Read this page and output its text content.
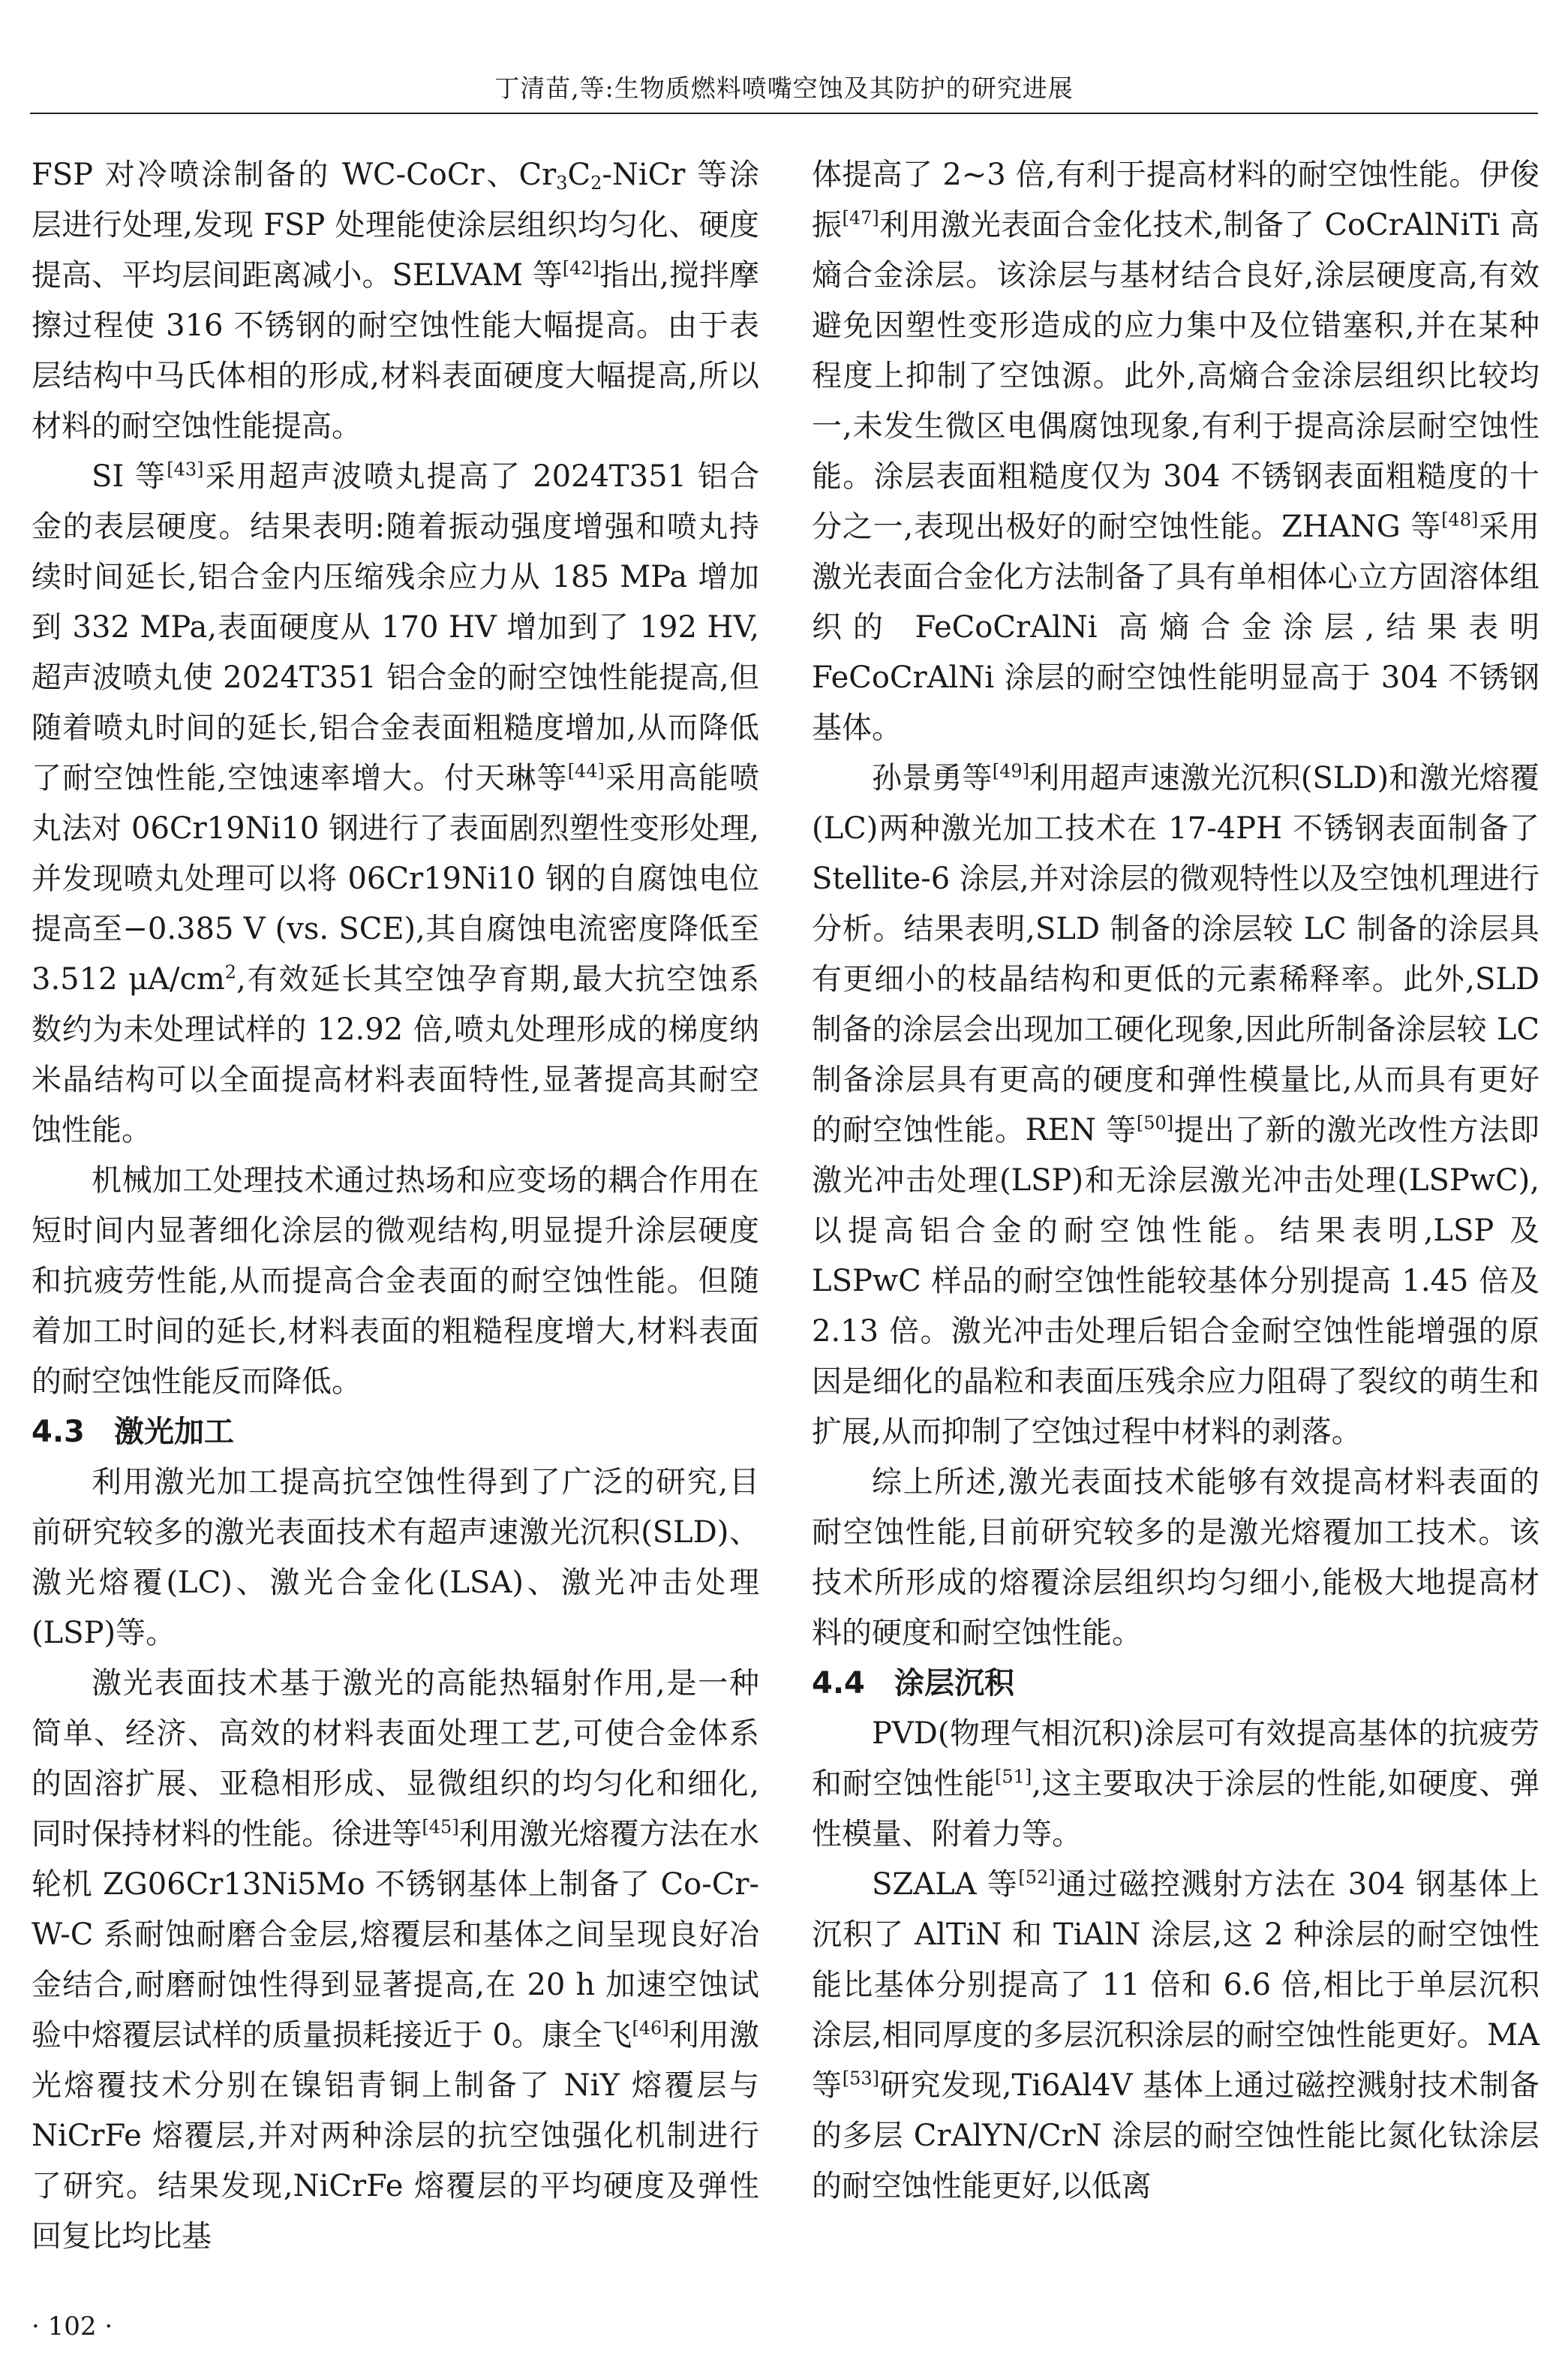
丁清苗,等:生物质燃料喷嘴空蚀及其防护的研究进展

FSP 对冷喷涂制备的 WC-CoCr、$Cr_3C_2$-NiCr 等涂层进行处理,发现 FSP 处理能使涂层组织均匀化、硬度提高、平均层间距离减小。SELVAM 等[42]指出,搅拌摩擦过程使 316 不锈钢的耐空蚀性能大幅提高。由于表层结构中马氏体相的形成,材料表面硬度大幅提高,所以材料的耐空蚀性能提高。

SI 等[43]采用超声波喷丸提高了 2024T351 铝合金的表层硬度。结果表明:随着振动强度增强和喷丸持续时间延长,铝合金内压缩残余应力从 185 MPa 增加到 332 MPa,表面硬度从 170 HV 增加到了 192 HV,超声波喷丸使 2024T351 铝合金的耐空蚀性能提高,但随着喷丸时间的延长,铝合金表面粗糙度增加,从而降低了耐空蚀性能,空蚀速率增大。付天琳等[44]采用高能喷丸法对 06Cr19Ni10 钢进行了表面剧烈塑性变形处理,并发现喷丸处理可以将 06Cr19Ni10 钢的自腐蚀电位提高至−0.385 V (vs. SCE),其自腐蚀电流密度降低至 3.512 $\mu A/cm^2$,有效延长其空蚀孕育期,最大抗空蚀系数约为未处理试样的 12.92 倍,喷丸处理形成的梯度纳米晶结构可以全面提高材料表面特性,显著提高其耐空蚀性能。

机械加工处理技术通过热场和应变场的耦合作用在短时间内显著细化涂层的微观结构,明显提升涂层硬度和抗疲劳性能,从而提高合金表面的耐空蚀性能。但随着加工时间的延长,材料表面的粗糙程度增大,材料表面的耐空蚀性能反而降低。

4.3 激光加工

利用激光加工提高抗空蚀性得到了广泛的研究,目前研究较多的激光表面技术有超声速激光沉积(SLD)、激光熔覆(LC)、激光合金化(LSA)、激光冲击处理(LSP)等。

激光表面技术基于激光的高能热辐射作用,是一种简单、经济、高效的材料表面处理工艺,可使合金体系的固溶扩展、亚稳相形成、显微组织的均匀化和细化,同时保持材料的性能。徐进等[45]利用激光熔覆方法在水轮机 ZG06Cr13Ni5Mo 不锈钢基体上制备了 Co-Cr-W-C 系耐蚀耐磨合金层,熔覆层和基体之间呈现良好冶金结合,耐磨耐蚀性得到显著提高,在 20 h 加速空蚀试验中熔覆层试样的质量损耗接近于 0。康全飞[46]利用激光熔覆技术分别在镍铝青铜上制备了 NiY 熔覆层与 NiCrFe 熔覆层,并对两种涂层的抗空蚀强化机制进行了研究。结果发现,NiCrFe 熔覆层的平均硬度及弹性回复比均比基

体提高了 2~3 倍,有利于提高材料的耐空蚀性能。伊俊振[47]利用激光表面合金化技术,制备了 CoCrAlNiTi 高熵合金涂层。该涂层与基材结合良好,涂层硬度高,有效避免因塑性变形造成的应力集中及位错塞积,并在某种程度上抑制了空蚀源。此外,高熵合金涂层组织比较均一,未发生微区电偶腐蚀现象,有利于提高涂层耐空蚀性能。涂层表面粗糙度仅为 304 不锈钢表面粗糙度的十分之一,表现出极好的耐空蚀性能。ZHANG 等[48]采用激光表面合金化方法制备了具有单相体心立方固溶体组织的 FeCoCrAlNi 高熵合金涂层,结果表明 FeCoCrAlNi 涂层的耐空蚀性能明显高于 304 不锈钢基体。

孙景勇等[49]利用超声速激光沉积(SLD)和激光熔覆(LC)两种激光加工技术在 17-4PH 不锈钢表面制备了 Stellite-6 涂层,并对涂层的微观特性以及空蚀机理进行分析。结果表明,SLD 制备的涂层较 LC 制备的涂层具有更细小的枝晶结构和更低的元素稀释率。此外,SLD 制备的涂层会出现加工硬化现象,因此所制备涂层较 LC 制备涂层具有更高的硬度和弹性模量比,从而具有更好的耐空蚀性能。REN 等[50]提出了新的激光改性方法即激光冲击处理(LSP)和无涂层激光冲击处理(LSPwC),以提高铝合金的耐空蚀性能。结果表明,LSP 及 LSPwC 样品的耐空蚀性能较基体分别提高 1.45 倍及 2.13 倍。激光冲击处理后铝合金耐空蚀性能增强的原因是细化的晶粒和表面压残余应力阻碍了裂纹的萌生和扩展,从而抑制了空蚀过程中材料的剥落。

综上所述,激光表面技术能够有效提高材料表面的耐空蚀性能,目前研究较多的是激光熔覆加工技术。该技术所形成的熔覆涂层组织均匀细小,能极大地提高材料的硬度和耐空蚀性能。

4.4 涂层沉积

PVD(物理气相沉积)涂层可有效提高基体的抗疲劳和耐空蚀性能[51],这主要取决于涂层的性能,如硬度、弹性模量、附着力等。

SZALA 等[52]通过磁控溅射方法在 304 钢基体上沉积了 AlTiN 和 TiAlN 涂层,这 2 种涂层的耐空蚀性能比基体分别提高了 11 倍和 6.6 倍,相比于单层沉积涂层,相同厚度的多层沉积涂层的耐空蚀性能更好。MA 等[53]研究发现,Ti6Al4V 基体上通过磁控溅射技术制备的多层 CrAlYN/CrN 涂层的耐空蚀性能比氮化钛涂层的耐空蚀性能更好,以低离

· 102 ·
